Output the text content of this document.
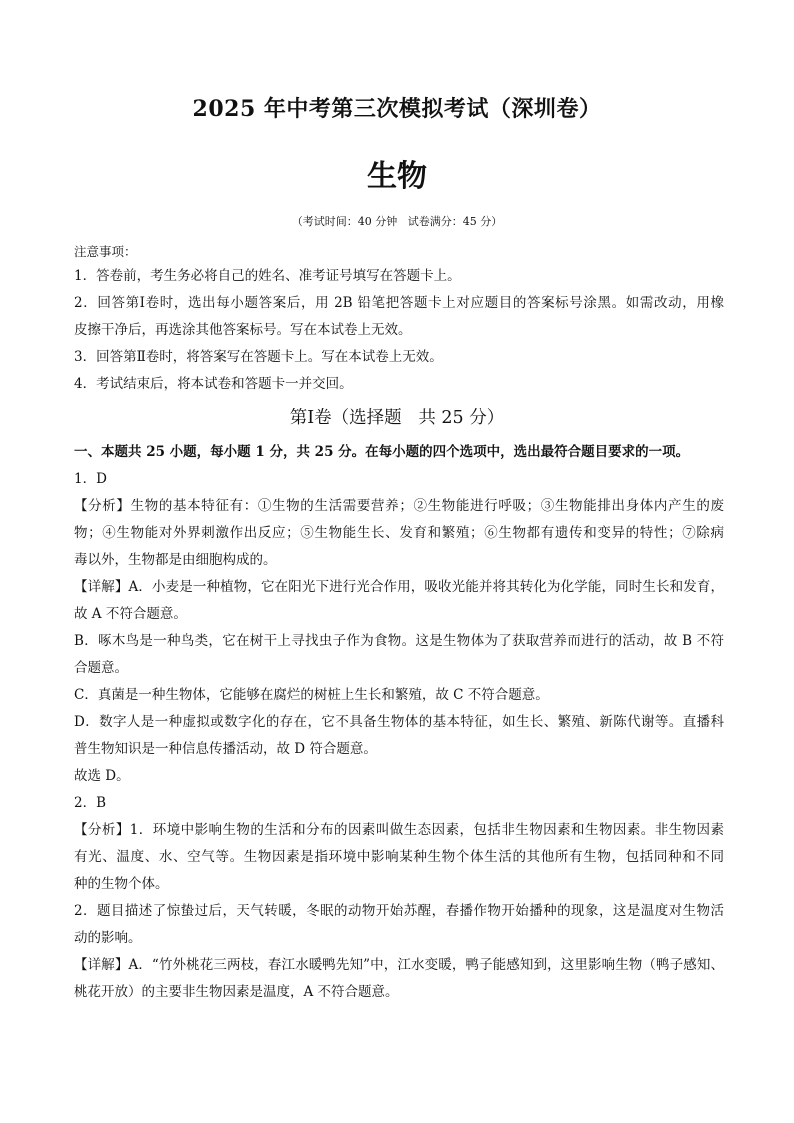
2025 年中考第三次模拟考试（深圳卷）
生物
（考试时间：40 分钟   试卷满分：45 分）
注意事项：
1．答卷前，考生务必将自己的姓名、准考证号填写在答题卡上。
2．回答第Ⅰ卷时，选出每小题答案后，用 2B 铅笔把答题卡上对应题目的答案标号涂黑。如需改动，用橡
皮擦干净后，再选涂其他答案标号。写在本试卷上无效。
3．回答第Ⅱ卷时，将答案写在答题卡上。写在本试卷上无效。
4．考试结束后，将本试卷和答题卡一并交回。
第Ⅰ卷（选择题   共 25 分）
一、本题共 25 小题，每小题 1 分，共 25 分。在每小题的四个选项中，选出最符合题目要求的一项。
1．D
【分析】生物的基本特征有：①生物的生活需要营养；②生物能进行呼吸；③生物能排出身体内产生的废
物；④生物能对外界刺激作出反应；⑤生物能生长、发育和繁殖；⑥生物都有遗传和变异的特性；⑦除病
毒以外，生物都是由细胞构成的。
【详解】A．小麦是一种植物，它在阳光下进行光合作用，吸收光能并将其转化为化学能，同时生长和发育，
故 A 不符合题意。
B．啄木鸟是一种鸟类，它在树干上寻找虫子作为食物。这是生物体为了获取营养而进行的活动，故 B 不符
合题意。
C．真菌是一种生物体，它能够在腐烂的树桩上生长和繁殖，故 C 不符合题意。
D．数字人是一种虚拟或数字化的存在，它不具备生物体的基本特征，如生长、繁殖、新陈代谢等。直播科
普生物知识是一种信息传播活动，故 D 符合题意。
故选 D。
2．B
【分析】1．环境中影响生物的生活和分布的因素叫做生态因素，包括非生物因素和生物因素。非生物因素
有光、温度、水、空气等。生物因素是指环境中影响某种生物个体生活的其他所有生物，包括同种和不同
种的生物个体。
2．题目描述了惊蛰过后，天气转暖，冬眠的动物开始苏醒，春播作物开始播种的现象，这是温度对生物活
动的影响。
【详解】A．“竹外桃花三两枝，春江水暖鸭先知”中，江水变暖，鸭子能感知到，这里影响生物（鸭子感知、
桃花开放）的主要非生物因素是温度，A 不符合题意。
